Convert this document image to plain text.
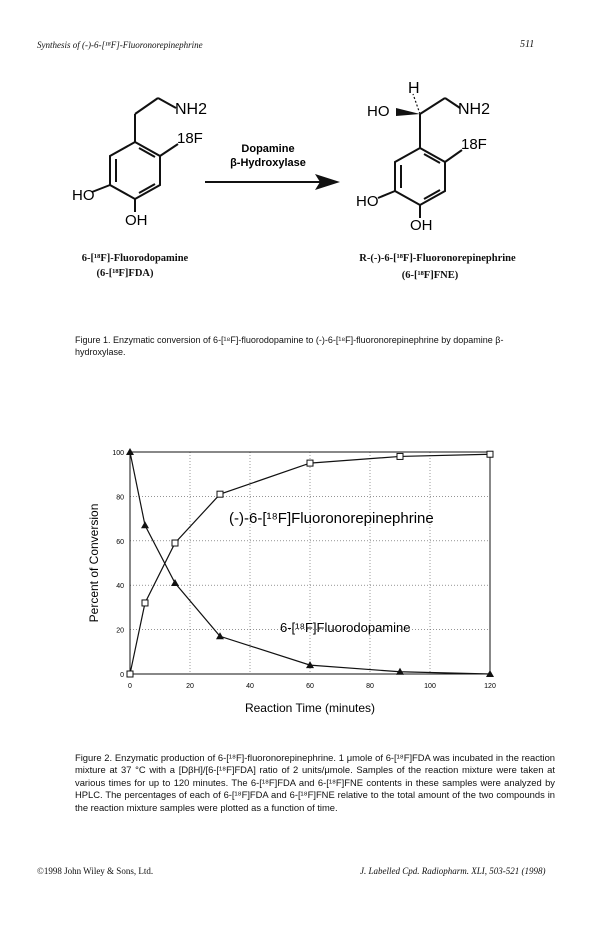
Synthesis of (-)-6-[¹⁸F]-Fluoronorepinephrine	511
NH2
18F
HO
OH
Dopamine
β-Hydroxylase
H
HO	NH2
18F
HO
OH
6-[¹⁸F]-Fluorodopamine
(6-[¹⁸F]FDA)
R-(-)-6-[¹⁸F]-Fluoronorepinephrine
(6-[¹⁸F]FNE)
Figure 1. Enzymatic conversion of 6-[¹⁸F]-fluorodopamine to (-)-6-[¹⁸F]-fluoronorepinephrine by dopamine β-hydroxylase.
0
20
40
60
80
100
0	20	40	60	80	100	120
Reaction Time (minutes)
Percent of Conversion	(-)-6-[¹⁸F]Fluoronorepinephrine
6-[¹⁸F]Fluorodopamine
Figure 2. Enzymatic production of 6-[¹⁸F]-fluoronorepinephrine. 1 μmole of 6-[¹⁸F]FDA was incubated in the reaction mixture at 37 °C with a [DβH]/[6-[¹⁸F]FDA] ratio of 2 units/μmole. Samples of the reaction mixture were taken at various times for up to 120 minutes. The 6-[¹⁸F]FDA and 6-[¹⁸F]FNE contents in these samples were analyzed by HPLC. The percentages of each of 6-[¹⁸F]FDA and 6-[¹⁸F]FNE relative to the total amount of the two compounds in the reaction mixture samples were plotted as a function of time.
©1998 John Wiley & Sons, Ltd.	J. Labelled Cpd. Radiopharm. XLI, 503-521 (1998)
